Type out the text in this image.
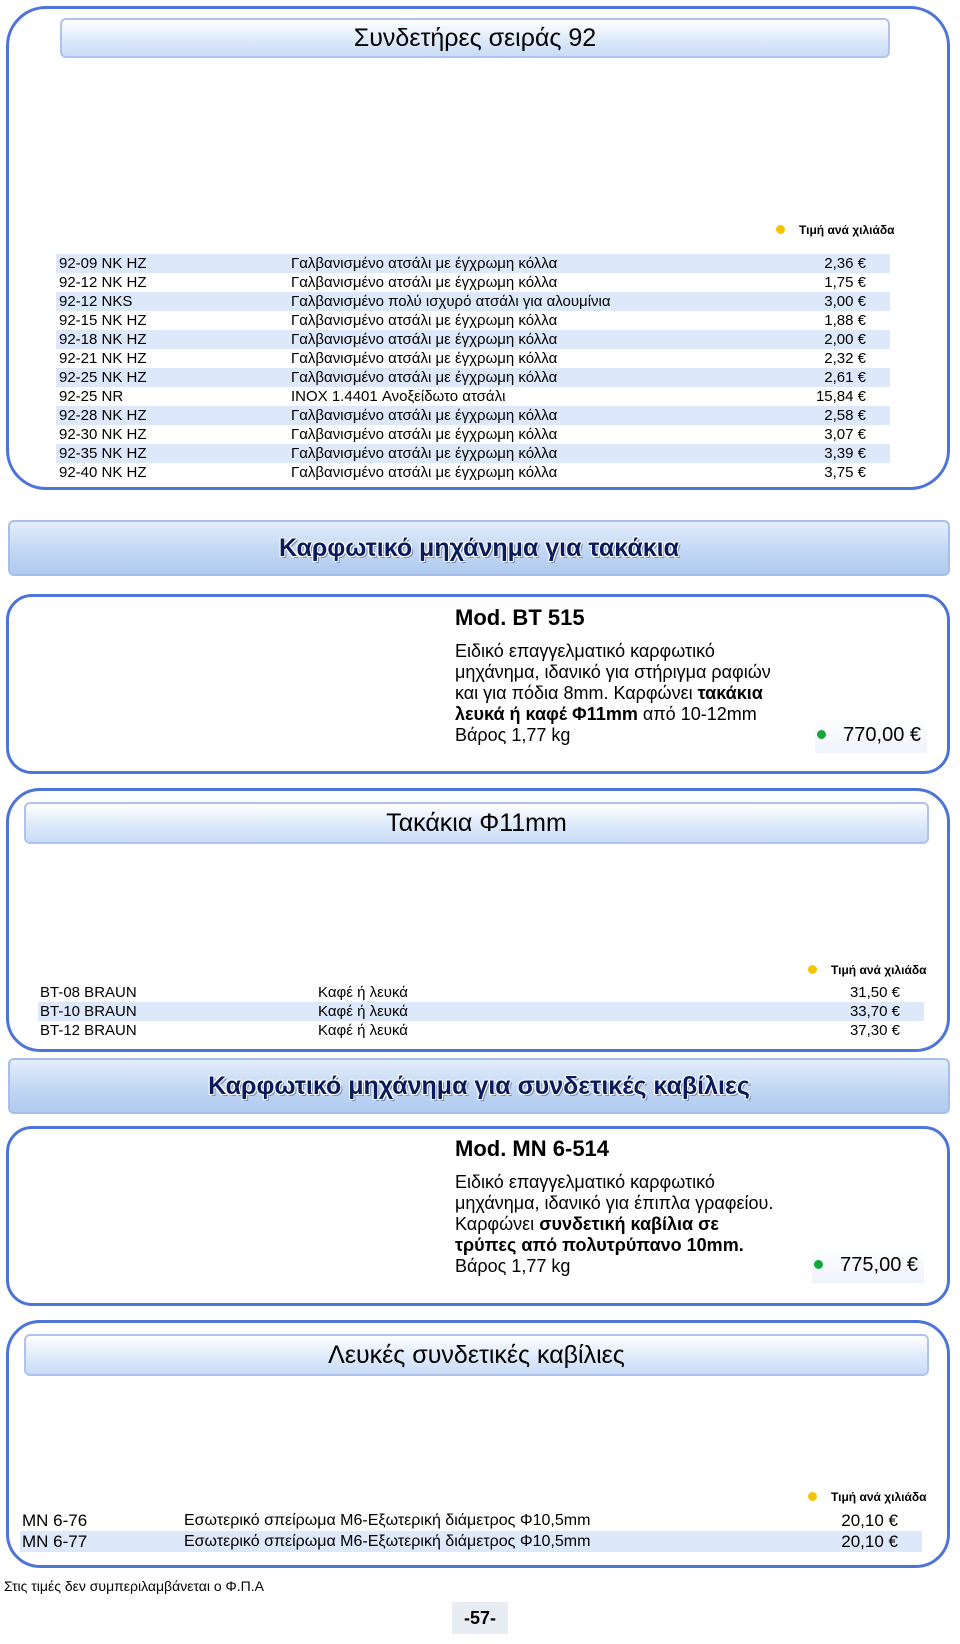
Συνδετήρες σειράς 92
Τιμή ανά χιλιάδα
92-09 NK HZ	Γαλβανισμένο ατσάλι με έγχρωμη κόλλα	2,36 €
92-12 NK HZ	Γαλβανισμένο ατσάλι με έγχρωμη κόλλα	1,75 €
92-12 NKS	Γαλβανισμένο πολύ ισχυρό ατσάλι για αλουμίνια	3,00 €
92-15 NK HZ	Γαλβανισμένο ατσάλι με έγχρωμη κόλλα	1,88 €
92-18 NK HZ	Γαλβανισμένο ατσάλι με έγχρωμη κόλλα	2,00 €
92-21 NK HZ	Γαλβανισμένο ατσάλι με έγχρωμη κόλλα	2,32 €
92-25 NK HZ	Γαλβανισμένο ατσάλι με έγχρωμη κόλλα	2,61 €
92-25 NR	INOX 1.4401 Ανοξείδωτο ατσάλι	15,84 €
92-28 NK HZ	Γαλβανισμένο ατσάλι με έγχρωμη κόλλα	2,58 €
92-30 NK HZ	Γαλβανισμένο ατσάλι με έγχρωμη κόλλα	3,07 €
92-35 NK HZ	Γαλβανισμένο ατσάλι με έγχρωμη κόλλα	3,39 €
92-40 NK HZ	Γαλβανισμένο ατσάλι με έγχρωμη κόλλα	3,75 €
Καρφωτικό μηχάνημα για τακάκια
Mod. BT 515

Ειδικό επαγγελματικό καρφωτικό

μηχάνημα, ιδανικό για στήριγμα ραφιών

και για πόδια 8mm. Καρφώνει τακάκια

λευκά ή καφέ Φ11mm από 10-12mm

Βάρος 1,77 kg	770,00 €
Τακάκια Φ11mm
Τιμή ανά χιλιάδα
BT-08 BRAUN	Καφέ ή λευκά	31,50 €
BT-10 BRAUN	Καφέ ή λευκά	33,70 €
BT-12 BRAUN	Καφέ ή λευκά	37,30 €
Καρφωτικό μηχάνημα για συνδετικές καβίλιες
Mod. MN 6-514

Ειδικό επαγγελματικό καρφωτικό

μηχάνημα, ιδανικό για έπιπλα γραφείου.

Καρφώνει συνδετική καβίλια σε

τρύπες από πολυτρύπανο 10mm.

Βάρος 1,77 kg	775,00 €
Λευκές συνδετικές καβίλιες
Τιμή ανά χιλιάδα
MN 6-76	Εσωτερικό σπείρωμα Μ6-Εξωτερική διάμετρος Φ10,5mm	20,10 €
MN 6-77	Εσωτερικό σπείρωμα Μ6-Εξωτερική διάμετρος Φ10,5mm	20,10 €
Στις τιμές δεν συμπεριλαμβάνεται ο Φ.Π.Α
-57-
